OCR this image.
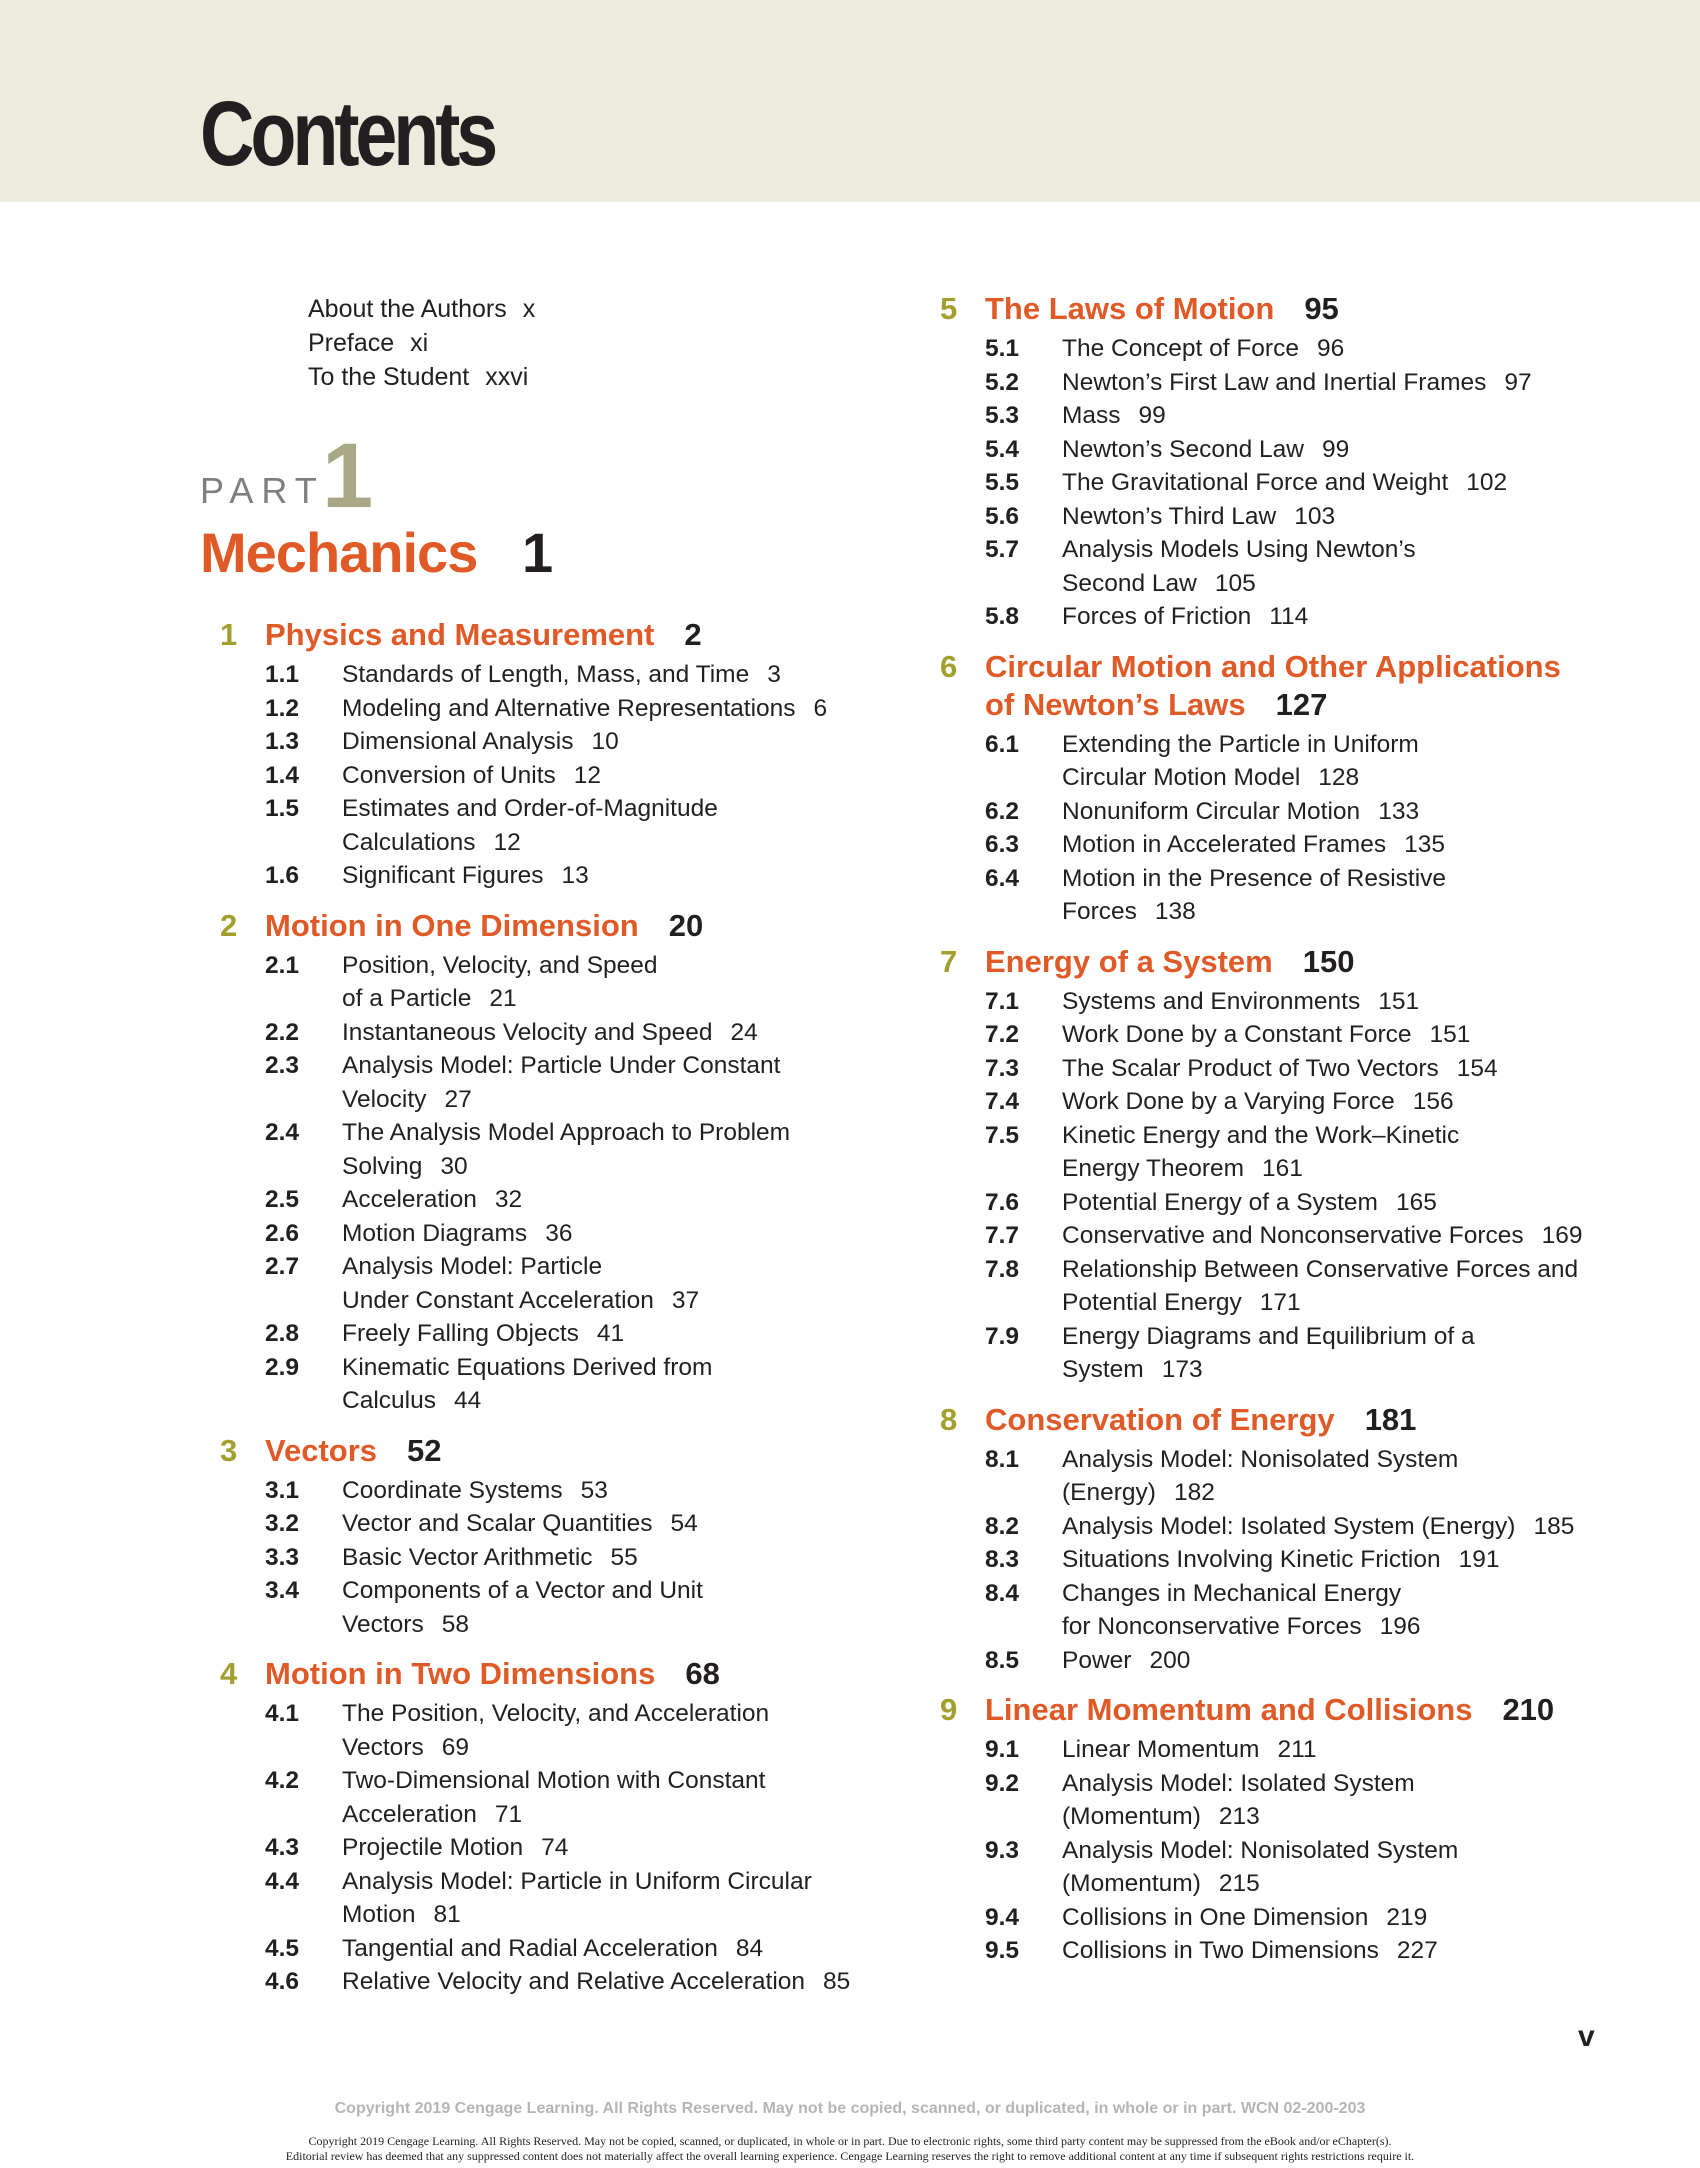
Contents
About the Authors x
Preface xi
To the Student xxvi
PART
1
Mechanics 1
1 Physics and Measurement 2
1.1 Standards of Length, Mass, and Time 3
1.2 Modeling and Alternative Representations 6
1.3 Dimensional Analysis 10
1.4 Conversion of Units 12
1.5 Estimates and Order-of-Magnitude
Calculations 12
1.6 Significant Figures 13
2 Motion in One Dimension 20
2.1 Position, Velocity, and Speed
of a Particle 21
2.2 Instantaneous Velocity and Speed 24
2.3 Analysis Model: Particle Under Constant
Velocity 27
2.4 The Analysis Model Approach to Problem
Solving 30
2.5 Acceleration 32
2.6 Motion Diagrams 36
2.7 Analysis Model: Particle
Under Constant Acceleration 37
2.8 Freely Falling Objects 41
2.9 Kinematic Equations Derived from
Calculus 44
3 Vectors 52
3.1 Coordinate Systems 53
3.2 Vector and Scalar Quantities 54
3.3 Basic Vector Arithmetic 55
3.4 Components of a Vector and Unit
Vectors 58
4 Motion in Two Dimensions 68
4.1 The Position, Velocity, and Acceleration
Vectors 69
4.2 Two-Dimensional Motion with Constant
Acceleration 71
4.3 Projectile Motion 74
4.4 Analysis Model: Particle in Uniform Circular
Motion 81
4.5 Tangential and Radial Acceleration 84
4.6 Relative Velocity and Relative Acceleration 85
5 The Laws of Motion 95
5.1 The Concept of Force 96
5.2 Newton’s First Law and Inertial Frames 97
5.3 Mass 99
5.4 Newton’s Second Law 99
5.5 The Gravitational Force and Weight 102
5.6 Newton’s Third Law 103
5.7 Analysis Models Using Newton’s
Second Law 105
5.8 Forces of Friction 114
6 Circular Motion and Other Applications
of Newton’s Laws 127
6.1 Extending the Particle in Uniform
Circular Motion Model 128
6.2 Nonuniform Circular Motion 133
6.3 Motion in Accelerated Frames 135
6.4 Motion in the Presence of Resistive
Forces 138
7 Energy of a System 150
7.1 Systems and Environments 151
7.2 Work Done by a Constant Force 151
7.3 The Scalar Product of Two Vectors 154
7.4 Work Done by a Varying Force 156
7.5 Kinetic Energy and the Work–Kinetic
Energy Theorem 161
7.6 Potential Energy of a System 165
7.7 Conservative and Nonconservative Forces 169
7.8 Relationship Between Conservative Forces and
Potential Energy 171
7.9 Energy Diagrams and Equilibrium of a
System 173
8 Conservation of Energy 181
8.1 Analysis Model: Nonisolated System
(Energy) 182
8.2 Analysis Model: Isolated System (Energy) 185
8.3 Situations Involving Kinetic Friction 191
8.4 Changes in Mechanical Energy
for Nonconservative Forces 196
8.5 Power 200
9 Linear Momentum and Collisions 210
9.1 Linear Momentum 211
9.2 Analysis Model: Isolated System
(Momentum) 213
9.3 Analysis Model: Nonisolated System
(Momentum) 215
9.4 Collisions in One Dimension 219
9.5 Collisions in Two Dimensions 227
v
Copyright 2019 Cengage Learning. All Rights Reserved. May not be copied, scanned, or duplicated, in whole or in part. WCN 02-200-203
Copyright 2019 Cengage Learning. All Rights Reserved. May not be copied, scanned, or duplicated, in whole or in part. Due to electronic rights, some third party content may be suppressed from the eBook and/or eChapter(s).
Editorial review has deemed that any suppressed content does not materially affect the overall learning experience. Cengage Learning reserves the right to remove additional content at any time if subsequent rights restrictions require it.
